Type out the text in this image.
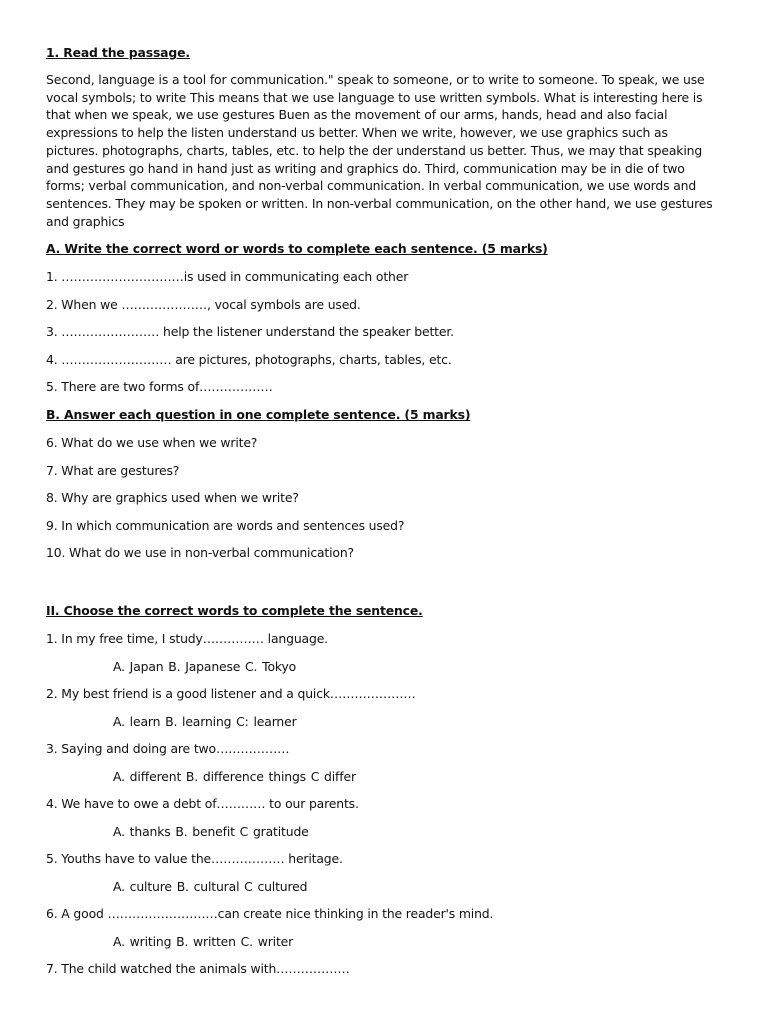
1. Read the passage.

Second, language is a tool for communication." speak to someone, or to write to someone. To speak, we use vocal symbols; to write This means that we use language to use written symbols. What is interesting here is that when we speak, we use gestures Buen as the movement of our arms, hands, head and also facial expressions to help the listen understand us better. When we write, however, we use graphics such as pictures. photographs, charts, tables, etc. to help the der understand us better. Thus, we may that speaking and gestures go hand in hand just as writing and graphics do. Third, communication may be in die of two forms; verbal communication, and non-verbal communication. In verbal communication, we use words and sentences. They may be spoken or written. In non-verbal communication, on the other hand, we use gestures and graphics

A. Write the correct word or words to complete each sentence. (5 marks)

1. …………………………is used in communicating each other

2. When we …………………, vocal symbols are used.

3. …………………… help the listener understand the speaker better.

4. ……………………… are pictures, photographs, charts, tables, etc.

5. There are two forms of………………

B. Answer each question in one complete sentence. (5 marks)

6. What do we use when we write?

7. What are gestures?

8. Why are graphics used when we write?

9. In which communication are words and sentences used?

10. What do we use in non-verbal communication?

II. Choose the correct words to complete the sentence.

1. In my free time, I study…………… language.

A. Japan B. Japanese C. Tokyo

2. My best friend is a good listener and a quick…………………

A. learn B. learning C: learner

3. Saying and doing are two………………

A. different B. difference things C differ

4. We have to owe a debt of………… to our parents.

A. thanks B. benefit C gratitude

5. Youths have to value the……………… heritage.

A. culture B. cultural C cultured

6. A good ………………………can create nice thinking in the reader's mind.

A. writing B. written C. writer

7. The child watched the animals with………………
